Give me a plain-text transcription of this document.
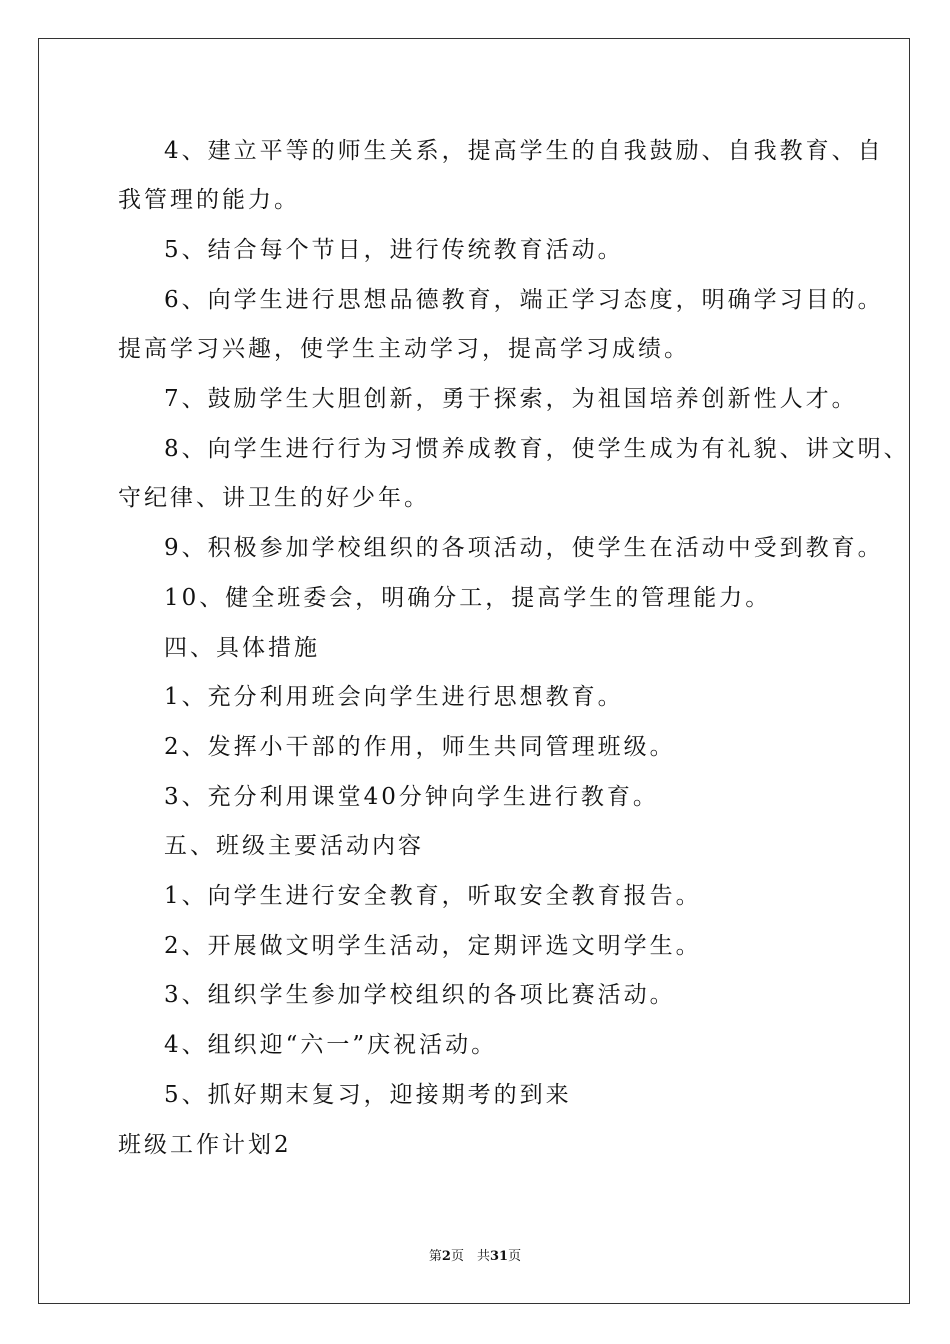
4、建立平等的师生关系，提高学生的自我鼓励、自我教育、自
我管理的能力。
5、结合每个节日，进行传统教育活动。
6、向学生进行思想品德教育，端正学习态度，明确学习目的。
提高学习兴趣，使学生主动学习，提高学习成绩。
7、鼓励学生大胆创新，勇于探索，为祖国培养创新性人才。
8、向学生进行行为习惯养成教育，使学生成为有礼貌、讲文明、
守纪律、讲卫生的好少年。
9、积极参加学校组织的各项活动，使学生在活动中受到教育。
10、健全班委会，明确分工，提高学生的管理能力。
四、具体措施
1、充分利用班会向学生进行思想教育。
2、发挥小干部的作用，师生共同管理班级。
3、充分利用课堂40分钟向学生进行教育。
五、班级主要活动内容
1、向学生进行安全教育，听取安全教育报告。
2、开展做文明学生活动，定期评选文明学生。
3、组织学生参加学校组织的各项比赛活动。
4、组织迎“六一”庆祝活动。
5、抓好期末复习，迎接期考的到来
班级工作计划2
第2页　共31页
